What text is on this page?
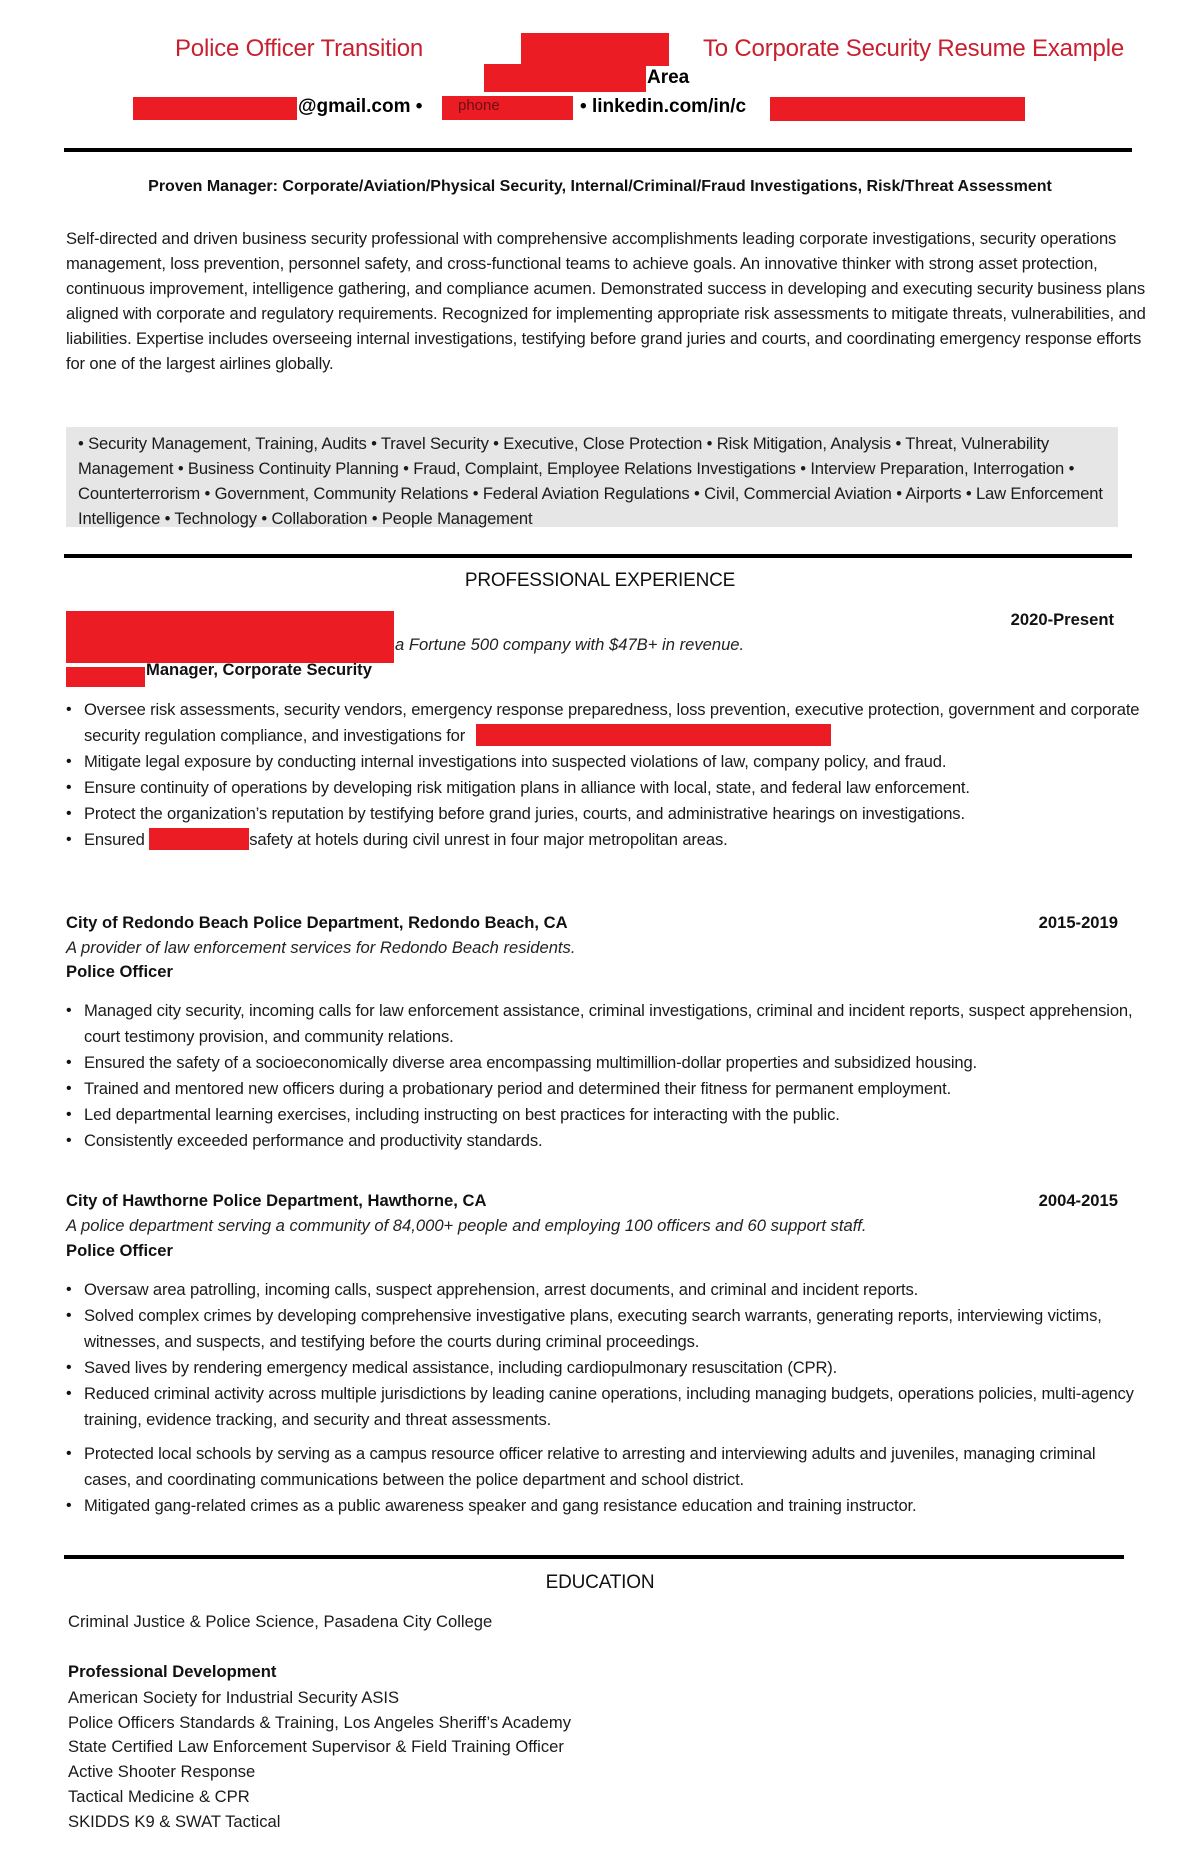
Police Officer Transition	To Corporate Security Resume Example
Area
@gmail.com • phone	• linkedin.com/in/c
Proven Manager: Corporate/Aviation/Physical Security, Internal/Criminal/Fraud Investigations, Risk/Threat Assessment
Self-directed and driven business security professional with comprehensive accomplishments leading corporate investigations, security operations management, loss prevention, personnel safety, and cross-functional teams to achieve goals. An innovative thinker with strong asset protection, continuous improvement, intelligence gathering, and compliance acumen. Demonstrated success in developing and executing security business plans aligned with corporate and regulatory requirements. Recognized for implementing appropriate risk assessments to mitigate threats, vulnerabilities, and liabilities. Expertise includes overseeing internal investigations, testifying before grand juries and courts, and coordinating emergency response efforts for one of the largest airlines globally.

• Security Management, Training, Audits • Travel Security • Executive, Close Protection • Risk Mitigation, Analysis • Threat, Vulnerability Management • Business Continuity Planning • Fraud, Complaint, Employee Relations Investigations • Interview Preparation, Interrogation • Counterterrorism • Government, Community Relations • Federal Aviation Regulations • Civil, Commercial Aviation • Airports • Law Enforcement Intelligence • Technology • Collaboration • People Management

PROFESSIONAL EXPERIENCE
2020-Present
a Fortune 500 company with $47B+ in revenue.
Manager, Corporate Security
• Oversee risk assessments, security vendors, emergency response preparedness, loss prevention, executive protection, government and corporate security regulation compliance, and investigations for
• Mitigate legal exposure by conducting internal investigations into suspected violations of law, company policy, and fraud.
• Ensure continuity of operations by developing risk mitigation plans in alliance with local, state, and federal law enforcement.
• Protect the organization’s reputation by testifying before grand juries, courts, and administrative hearings on investigations.
• Ensured	safety at hotels during civil unrest in four major metropolitan areas.
City of Redondo Beach Police Department, Redondo Beach, CA	2015-2019
A provider of law enforcement services for Redondo Beach residents.
Police Officer
• Managed city security, incoming calls for law enforcement assistance, criminal investigations, criminal and incident reports, suspect apprehension, court testimony provision, and community relations.
• Ensured the safety of a socioeconomically diverse area encompassing multimillion-dollar properties and subsidized housing.
• Trained and mentored new officers during a probationary period and determined their fitness for permanent employment.
• Led departmental learning exercises, including instructing on best practices for interacting with the public.
• Consistently exceeded performance and productivity standards.
City of Hawthorne Police Department, Hawthorne, CA	2004-2015
A police department serving a community of 84,000+ people and employing 100 officers and 60 support staff.
Police Officer
• Oversaw area patrolling, incoming calls, suspect apprehension, arrest documents, and criminal and incident reports.
• Solved complex crimes by developing comprehensive investigative plans, executing search warrants, generating reports, interviewing victims, witnesses, and suspects, and testifying before the courts during criminal proceedings.
• Saved lives by rendering emergency medical assistance, including cardiopulmonary resuscitation (CPR).
• Reduced criminal activity across multiple jurisdictions by leading canine operations, including managing budgets, operations policies, multi-agency training, evidence tracking, and security and threat assessments.
• Protected local schools by serving as a campus resource officer relative to arresting and interviewing adults and juveniles, managing criminal cases, and coordinating communications between the police department and school district.
• Mitigated gang-related crimes as a public awareness speaker and gang resistance education and training instructor.
EDUCATION
Criminal Justice & Police Science, Pasadena City College
Professional Development
American Society for Industrial Security ASIS
Police Officers Standards & Training, Los Angeles Sheriff’s Academy
State Certified Law Enforcement Supervisor & Field Training Officer
Active Shooter Response
Tactical Medicine & CPR
SKIDDS K9 & SWAT Tactical
